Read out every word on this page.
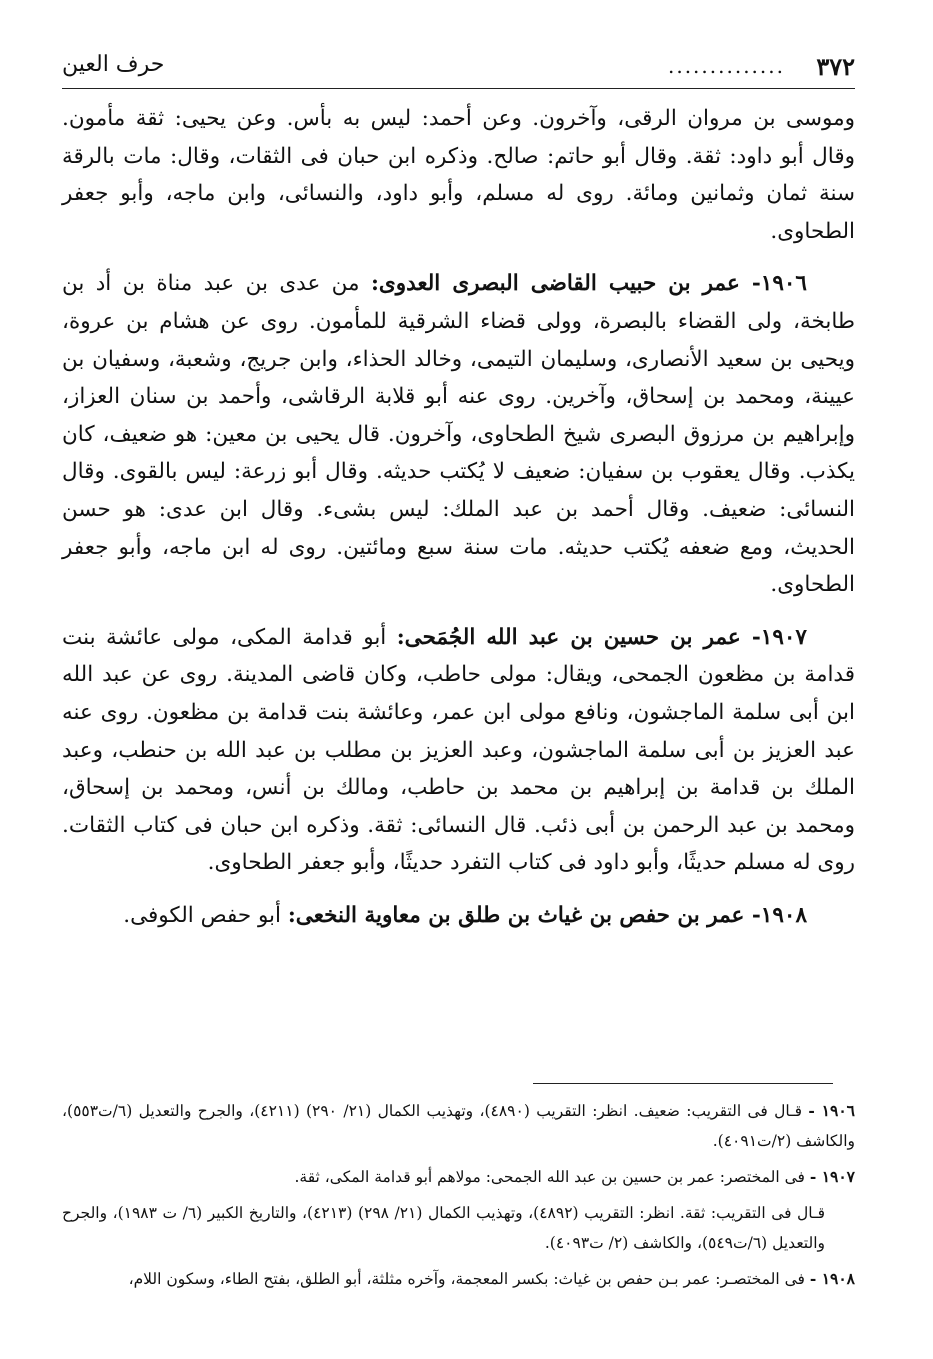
٣٧٢
..............
حرف العين

وموسى بن مروان الرقى، وآخرون. وعن أحمد: ليس به بأس. وعن يحيى: ثقة مأمون. وقال أبو داود: ثقة. وقال أبو حاتم: صالح. وذكره ابن حبان فى الثقات، وقال: مات بالرقة سنة ثمان وثمانين ومائة. روى له مسلم، وأبو داود، والنسائى، وابن ماجه، وأبو جعفر الطحاوى.

١٩٠٦- عمر بن حبيب القاضى البصرى العدوى: من عدى بن عبد مناة بن أد بن طابخة، ولى القضاء بالبصرة، وولى قضاء الشرقية للمأمون. روى عن هشام بن عروة، ويحيى بن سعيد الأنصارى، وسليمان التيمى، وخالد الحذاء، وابن جريج، وشعبة، وسفيان بن عيينة، ومحمد بن إسحاق، وآخرين. روى عنه أبو قلابة الرقاشى، وأحمد بن سنان العزاز، وإبراهيم بن مرزوق البصرى شيخ الطحاوى، وآخرون. قال يحيى بن معين: هو ضعيف، كان يكذب. وقال يعقوب بن سفيان: ضعيف لا يُكتب حديثه. وقال أبو زرعة: ليس بالقوى. وقال النسائى: ضعيف. وقال أحمد بن عبد الملك: ليس بشىء. وقال ابن عدى: هو حسن الحديث، ومع ضعفه يُكتب حديثه. مات سنة سبع ومائتين. روى له ابن ماجه، وأبو جعفر الطحاوى.

١٩٠٧- عمر بن حسين بن عبد الله الجُمَحى: أبو قدامة المكى، مولى عائشة بنت قدامة بن مظعون الجمحى، ويقال: مولى حاطب، وكان قاضى المدينة. روى عن عبد الله ابن أبى سلمة الماجشون، ونافع مولى ابن عمر، وعائشة بنت قدامة بن مظعون. روى عنه عبد العزيز بن أبى سلمة الماجشون، وعبد العزيز بن مطلب بن عبد الله بن حنطب، وعبد الملك بن قدامة بن إبراهيم بن محمد بن حاطب، ومالك بن أنس، ومحمد بن إسحاق، ومحمد بن عبد الرحمن بن أبى ذئب. قال النسائى: ثقة. وذكره ابن حبان فى كتاب الثقات. روى له مسلم حديثًا، وأبو داود فى كتاب التفرد حديثًا، وأبو جعفر الطحاوى.

١٩٠٨- عمر بن حفص بن غياث بن طلق بن معاوية النخعى: أبو حفص الكوفى.

١٩٠٦ - قـال فى التقريب: ضعيف. انظر: التقريب (٤٨٩٠)، وتهذيب الكمال (٢١/ ٢٩٠) (٤٢١١)، والجرح والتعديل (٦/ت٥٥٣)، والكاشف (٢/ت٤٠٩١).

١٩٠٧ - فى المختصر: عمر بن حسين بن عبد الله الجمحى: مولاهم أبو قدامة المكى، ثقة.

قـال فى التقريب: ثقة. انظر: التقريب (٤٨٩٢)، وتهذيب الكمال (٢١/ ٢٩٨) (٤٢١٣)، والتاريخ الكبير (٦/ ت ١٩٨٣)، والجرح والتعديل (٦/ت٥٤٩)، والكاشف (٢/ ت٤٠٩٣).

١٩٠٨ - فى المختصـر: عمر بـن حفص بن غياث: بكسر المعجمة، وآخره مثلثة، أبو الطلق، بفتح الطاء، وسكون اللام،
